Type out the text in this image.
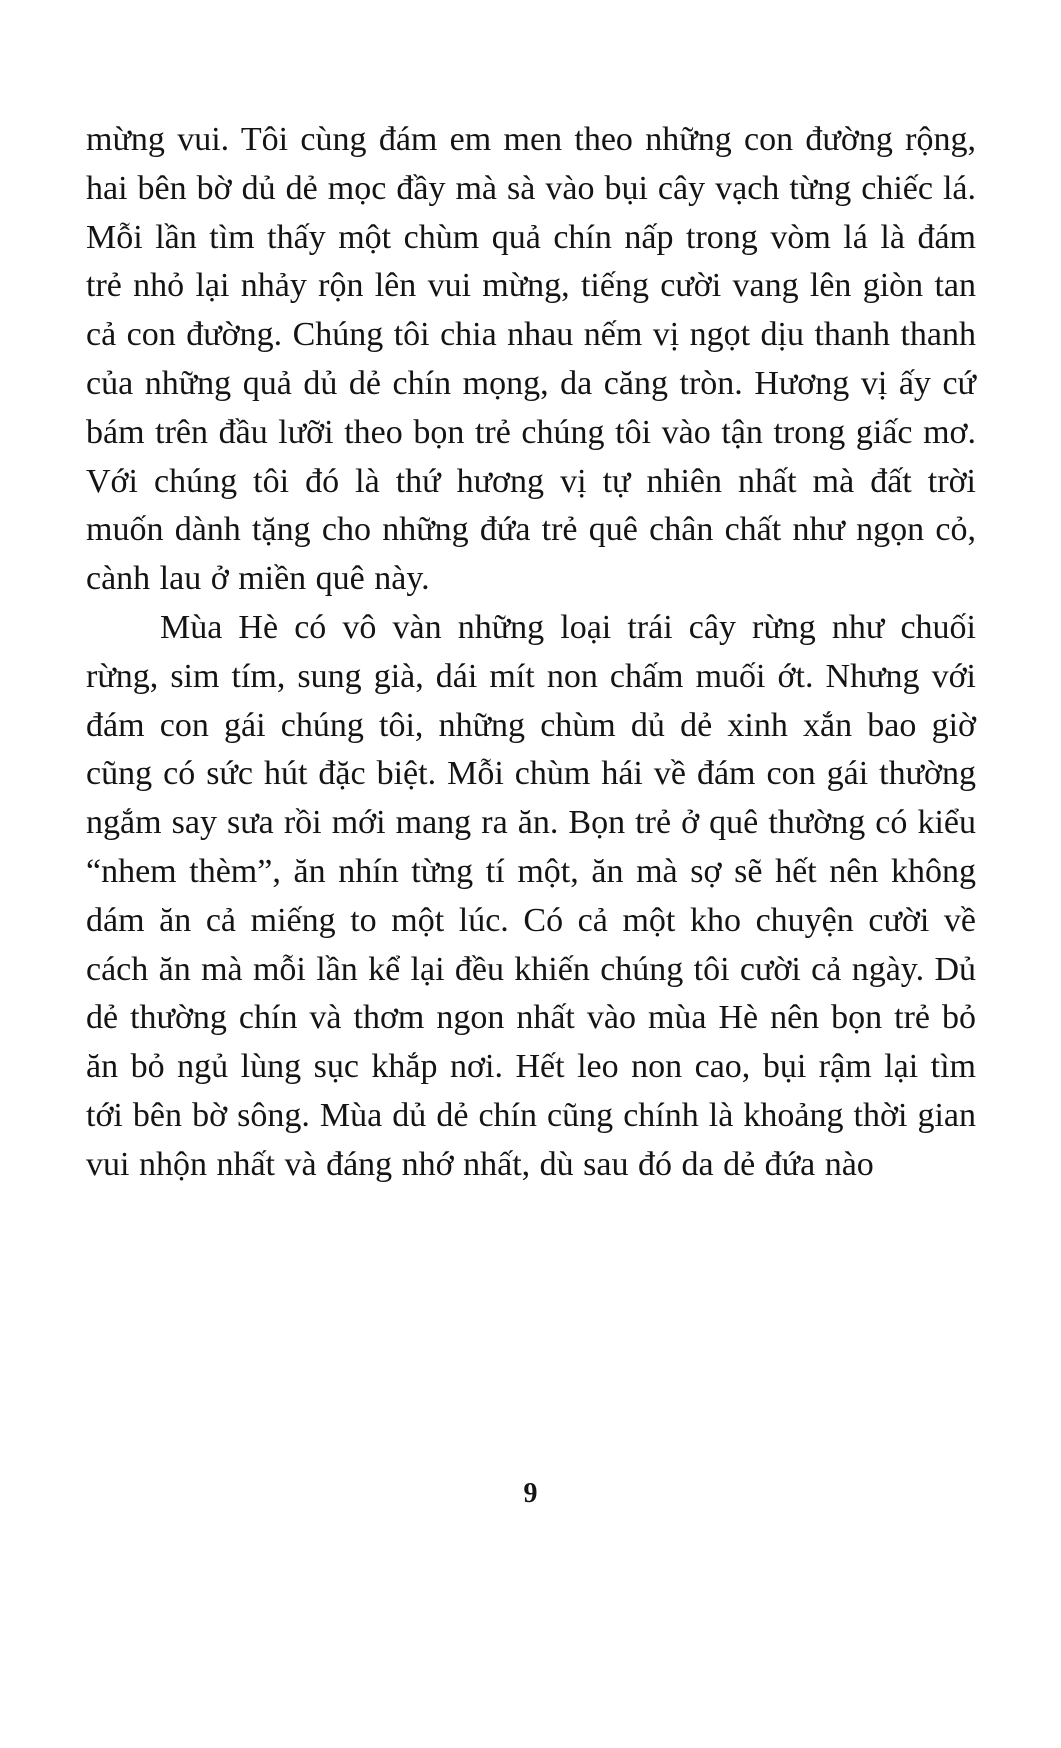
mừng vui. Tôi cùng đám em men theo những con đường rộng, hai bên bờ dủ dẻ mọc đầy mà sà vào bụi cây vạch từng chiếc lá. Mỗi lần tìm thấy một chùm quả chín nấp trong vòm lá là đám trẻ nhỏ lại nhảy rộn lên vui mừng, tiếng cười vang lên giòn tan cả con đường. Chúng tôi chia nhau nếm vị ngọt dịu thanh thanh của những quả dủ dẻ chín mọng, da căng tròn. Hương vị ấy cứ bám trên đầu lưỡi theo bọn trẻ chúng tôi vào tận trong giấc mơ. Với chúng tôi đó là thứ hương vị tự nhiên nhất mà đất trời muốn dành tặng cho những đứa trẻ quê chân chất như ngọn cỏ, cành lau ở miền quê này.

Mùa Hè có vô vàn những loại trái cây rừng như chuối rừng, sim tím, sung già, dái mít non chấm muối ớt. Nhưng với đám con gái chúng tôi, những chùm dủ dẻ xinh xắn bao giờ cũng có sức hút đặc biệt. Mỗi chùm hái về đám con gái thường ngắm say sưa rồi mới mang ra ăn. Bọn trẻ ở quê thường có kiểu “nhem thèm”, ăn nhín từng tí một, ăn mà sợ sẽ hết nên không dám ăn cả miếng to một lúc. Có cả một kho chuyện cười về cách ăn mà mỗi lần kể lại đều khiến chúng tôi cười cả ngày. Dủ dẻ thường chín và thơm ngon nhất vào mùa Hè nên bọn trẻ bỏ ăn bỏ ngủ lùng sục khắp nơi. Hết leo non cao, bụi rậm lại tìm tới bên bờ sông. Mùa dủ dẻ chín cũng chính là khoảng thời gian vui nhộn nhất và đáng nhớ nhất, dù sau đó da dẻ đứa nào

9
